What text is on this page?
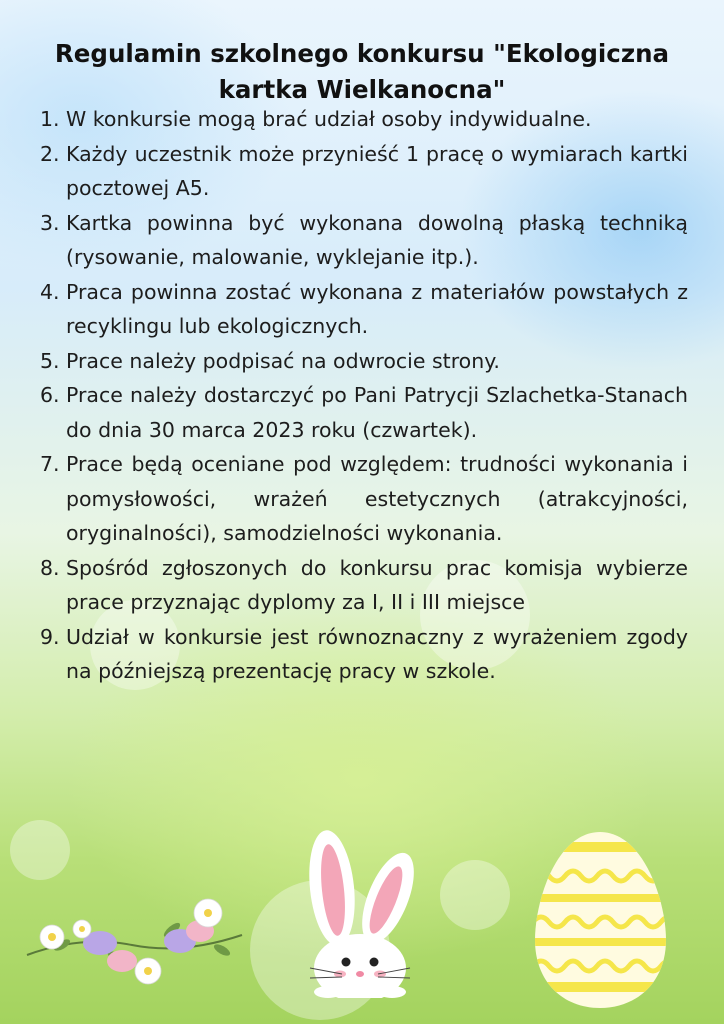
Regulamin szkolnego konkursu "Ekologiczna
kartka Wielkanocna"
1. W konkursie mogą brać udział osoby indywidualne.
2. Każdy uczestnik może przynieść 1 pracę o wymiarach kartki pocztowej A5.
3. Kartka powinna być wykonana dowolną płaską techniką (rysowanie, malowanie, wyklejanie itp.).
4. Praca powinna zostać wykonana z materiałów powstałych z recyklingu lub ekologicznych.
5. Prace należy podpisać na odwrocie strony.
6. Prace należy dostarczyć po Pani Patrycji Szlachetka-Stanach do dnia 30 marca 2023 roku (czwartek).
7. Prace będą oceniane pod względem: trudności wykonania i pomysłowości, wrażeń estetycznych (atrakcyjności, oryginalności), samodzielności wykonania.
8. Spośród zgłoszonych do konkursu prac komisja wybierze prace przyznając dyplomy za I, II i III miejsce
9. Udział w konkursie jest równoznaczny z wyrażeniem zgody na późniejszą prezentację pracy w szkole.
